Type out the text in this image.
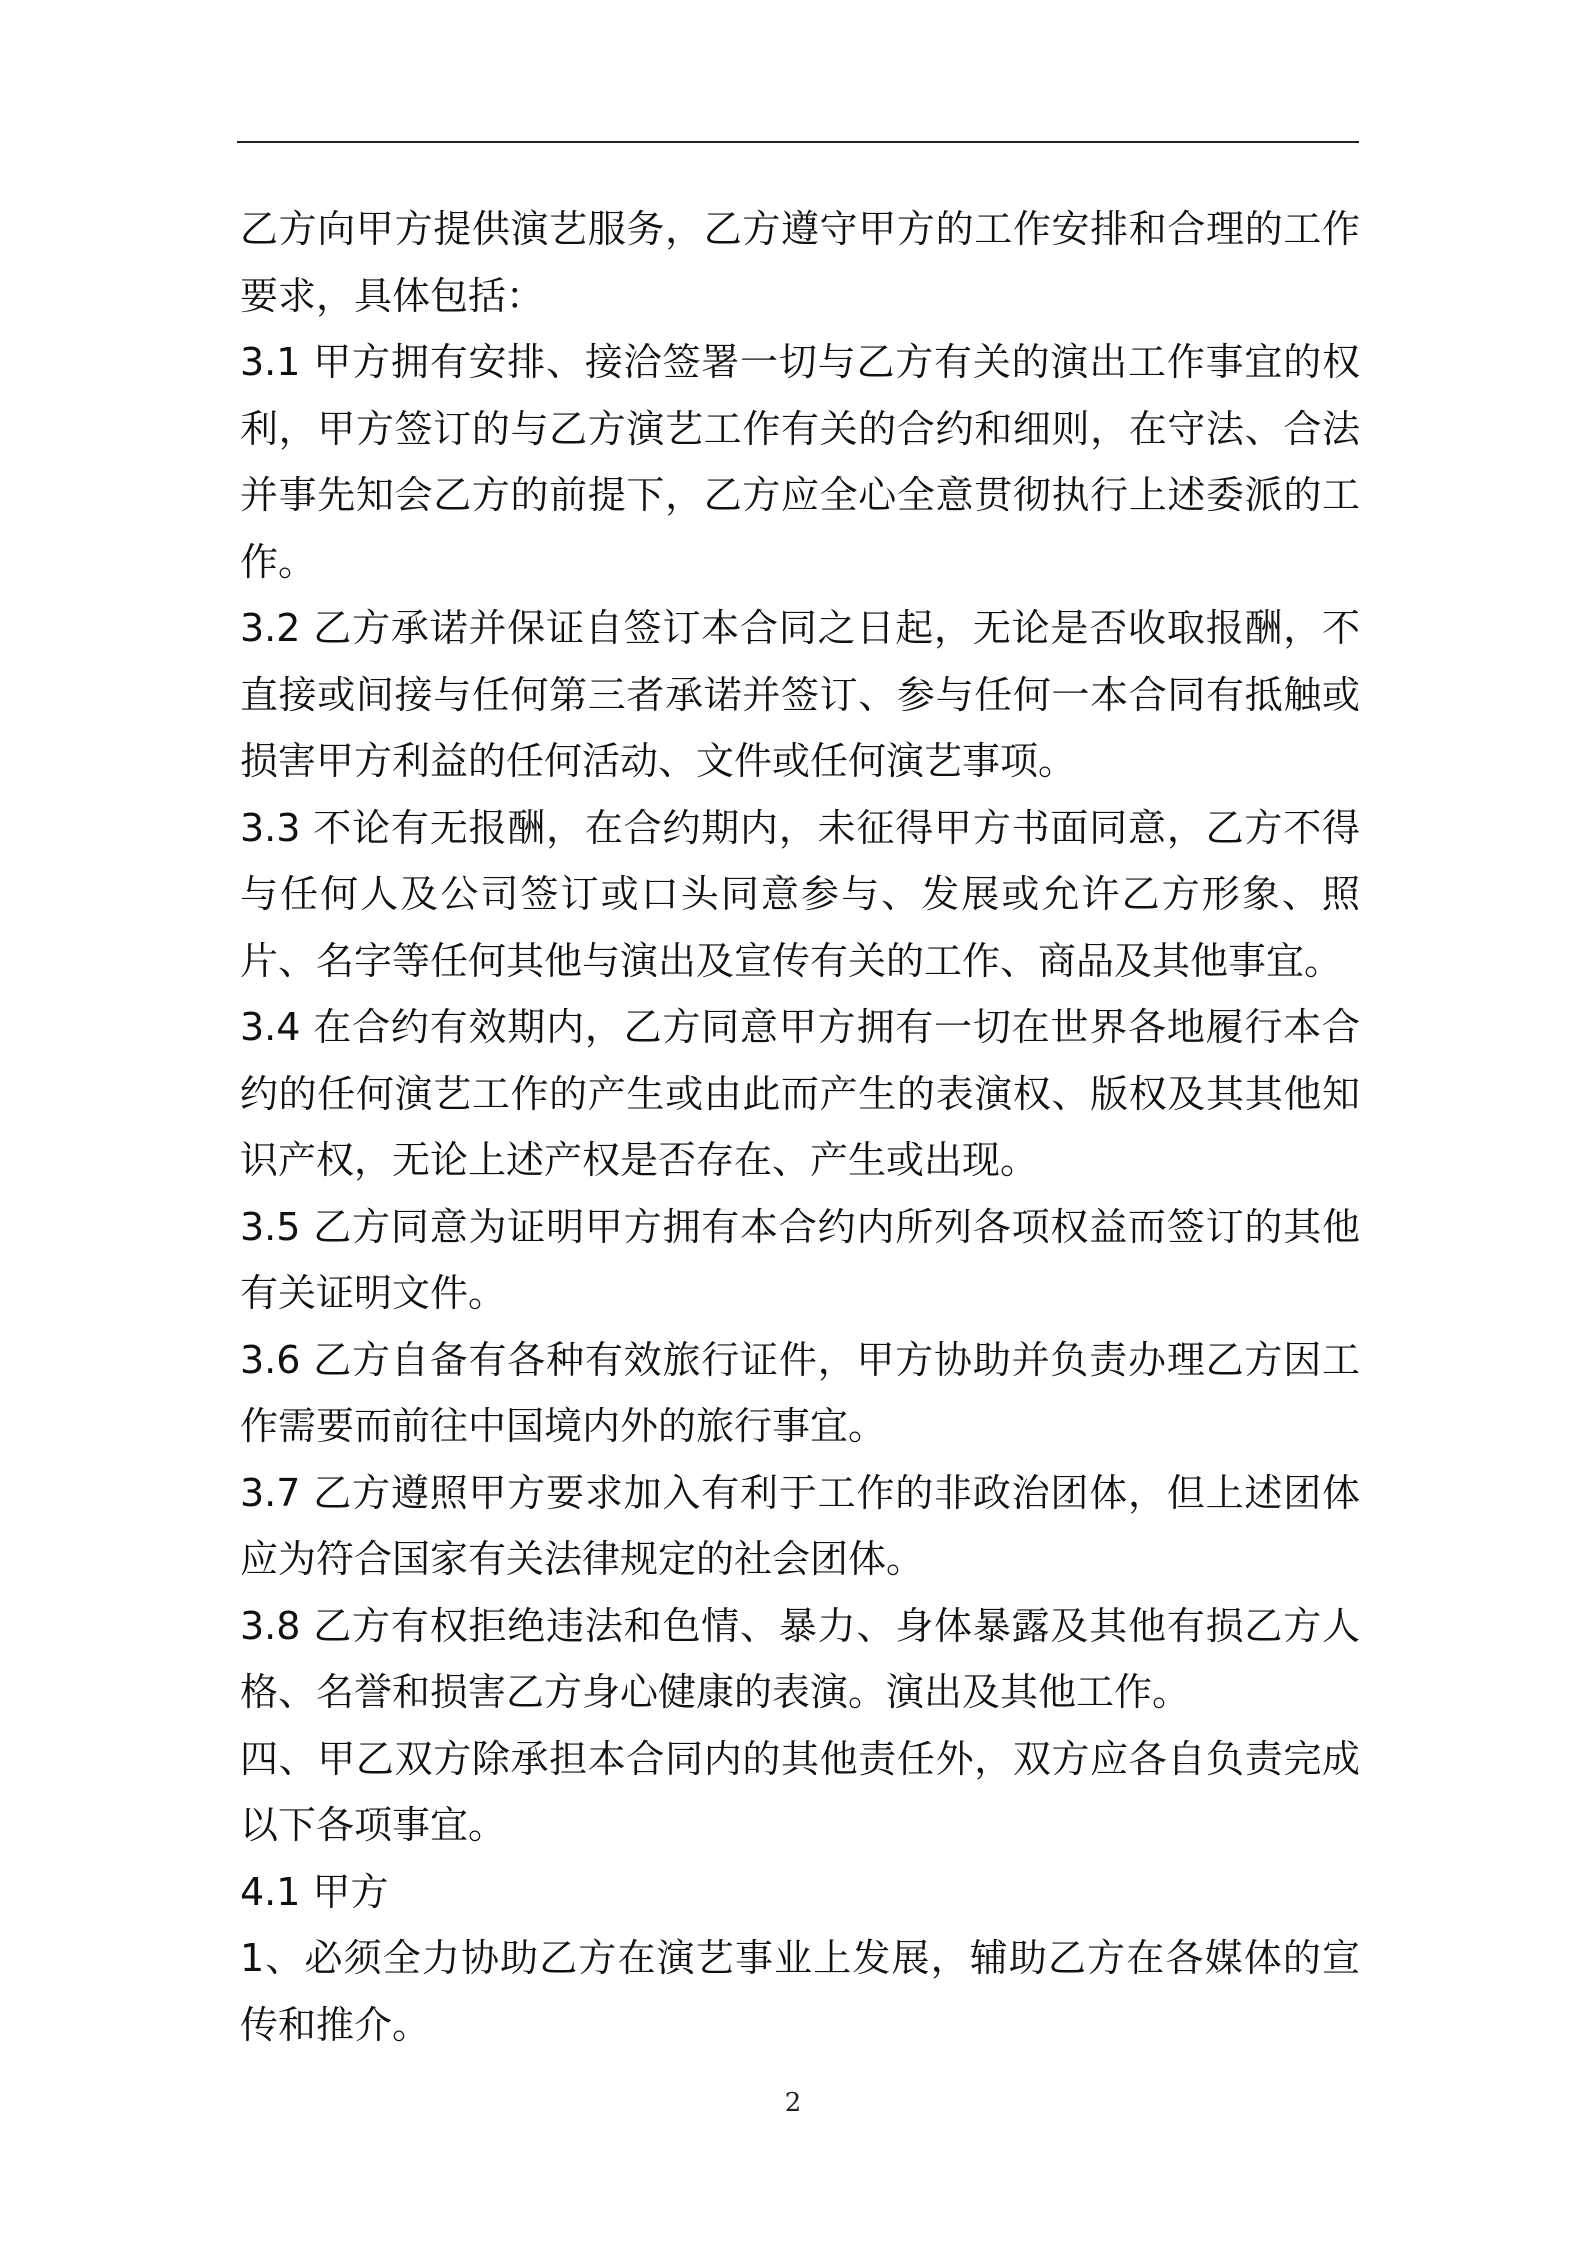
乙方向甲方提供演艺服务，乙方遵守甲方的工作安排和合理的工作要求，具体包括：

3.1 甲方拥有安排、接洽签署一切与乙方有关的演出工作事宜的权利，甲方签订的与乙方演艺工作有关的合约和细则，在守法、合法并事先知会乙方的前提下，乙方应全心全意贯彻执行上述委派的工作。

3.2 乙方承诺并保证自签订本合同之日起，无论是否收取报酬，不直接或间接与任何第三者承诺并签订、参与任何一本合同有抵触或损害甲方利益的任何活动、文件或任何演艺事项。

3.3 不论有无报酬，在合约期内，未征得甲方书面同意，乙方不得与任何人及公司签订或口头同意参与、发展或允许乙方形象、照片、名字等任何其他与演出及宣传有关的工作、商品及其他事宜。

3.4 在合约有效期内，乙方同意甲方拥有一切在世界各地履行本合约的任何演艺工作的产生或由此而产生的表演权、版权及其其他知识产权，无论上述产权是否存在、产生或出现。

3.5 乙方同意为证明甲方拥有本合约内所列各项权益而签订的其他有关证明文件。

3.6 乙方自备有各种有效旅行证件，甲方协助并负责办理乙方因工作需要而前往中国境内外的旅行事宜。

3.7 乙方遵照甲方要求加入有利于工作的非政治团体，但上述团体应为符合国家有关法律规定的社会团体。

3.8 乙方有权拒绝违法和色情、暴力、身体暴露及其他有损乙方人格、名誉和损害乙方身心健康的表演。演出及其他工作。

四、甲乙双方除承担本合同内的其他责任外，双方应各自负责完成以下各项事宜。

4.1 甲方

1、必须全力协助乙方在演艺事业上发展，辅助乙方在各媒体的宣传和推介。

2
